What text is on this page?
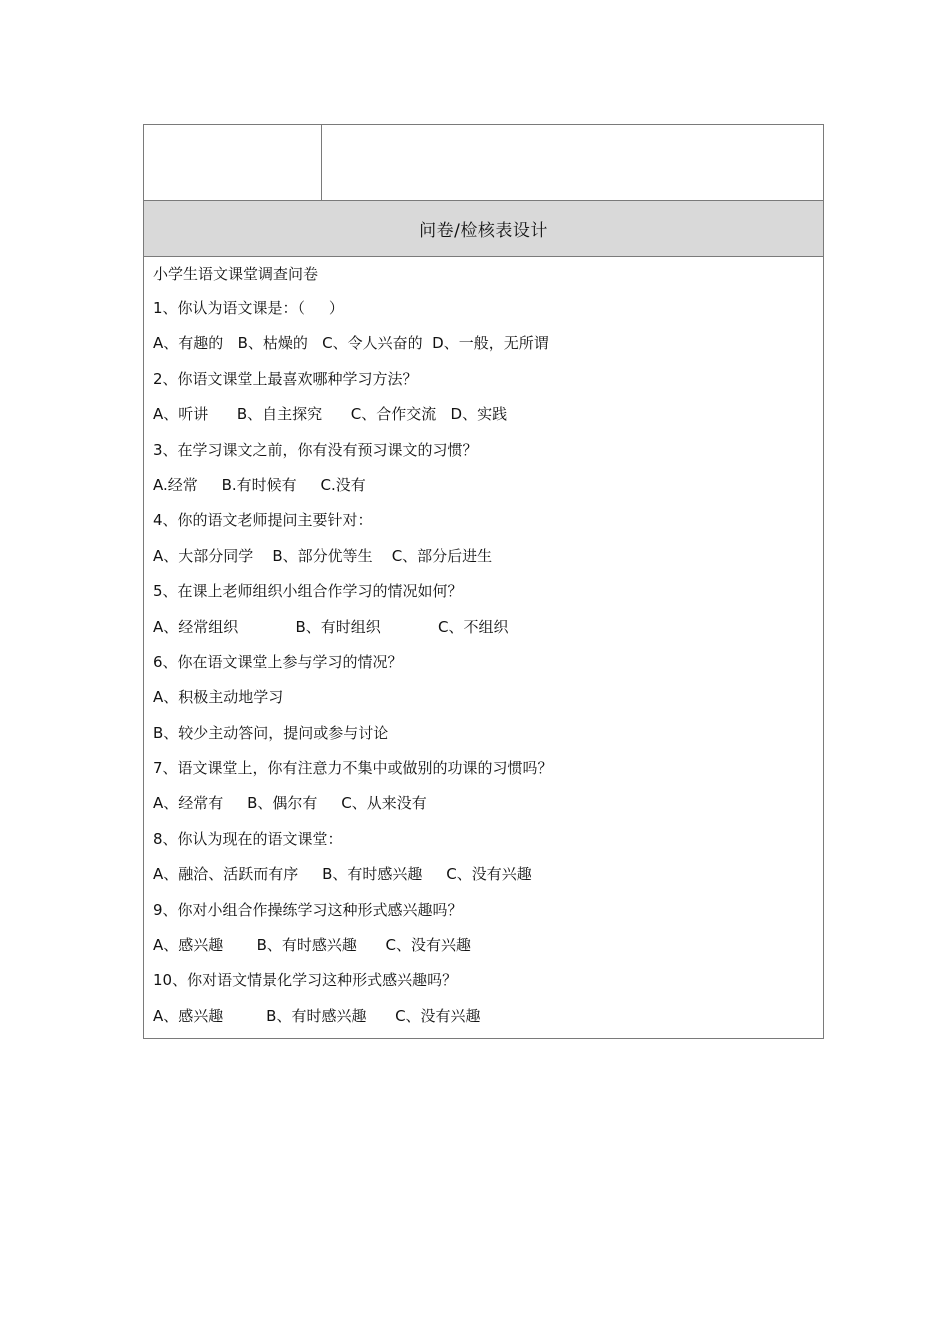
问卷/检核表设计
小学生语文课堂调查问卷
1、你认为语文课是：（     ）
A、有趣的   B、枯燥的   C、令人兴奋的  D、一般，无所谓
2、你语文课堂上最喜欢哪种学习方法？
A、听讲      B、自主探究      C、合作交流   D、实践
3、在学习课文之前，你有没有预习课文的习惯？
A.经常     B.有时候有     C.没有
4、你的语文老师提问主要针对：
A、大部分同学    B、部分优等生    C、部分后进生
5、在课上老师组织小组合作学习的情况如何？
A、经常组织            B、有时组织            C、不组织
6、你在语文课堂上参与学习的情况？
A、积极主动地学习
B、较少主动答问，提问或参与讨论
7、语文课堂上，你有注意力不集中或做别的功课的习惯吗？
A、经常有     B、偶尔有     C、从来没有
8、你认为现在的语文课堂：
A、融洽、活跃而有序     B、有时感兴趣     C、没有兴趣
9、你对小组合作操练学习这种形式感兴趣吗？
A、感兴趣       B、有时感兴趣      C、没有兴趣
10、你对语文情景化学习这种形式感兴趣吗？
A、感兴趣         B、有时感兴趣      C、没有兴趣
